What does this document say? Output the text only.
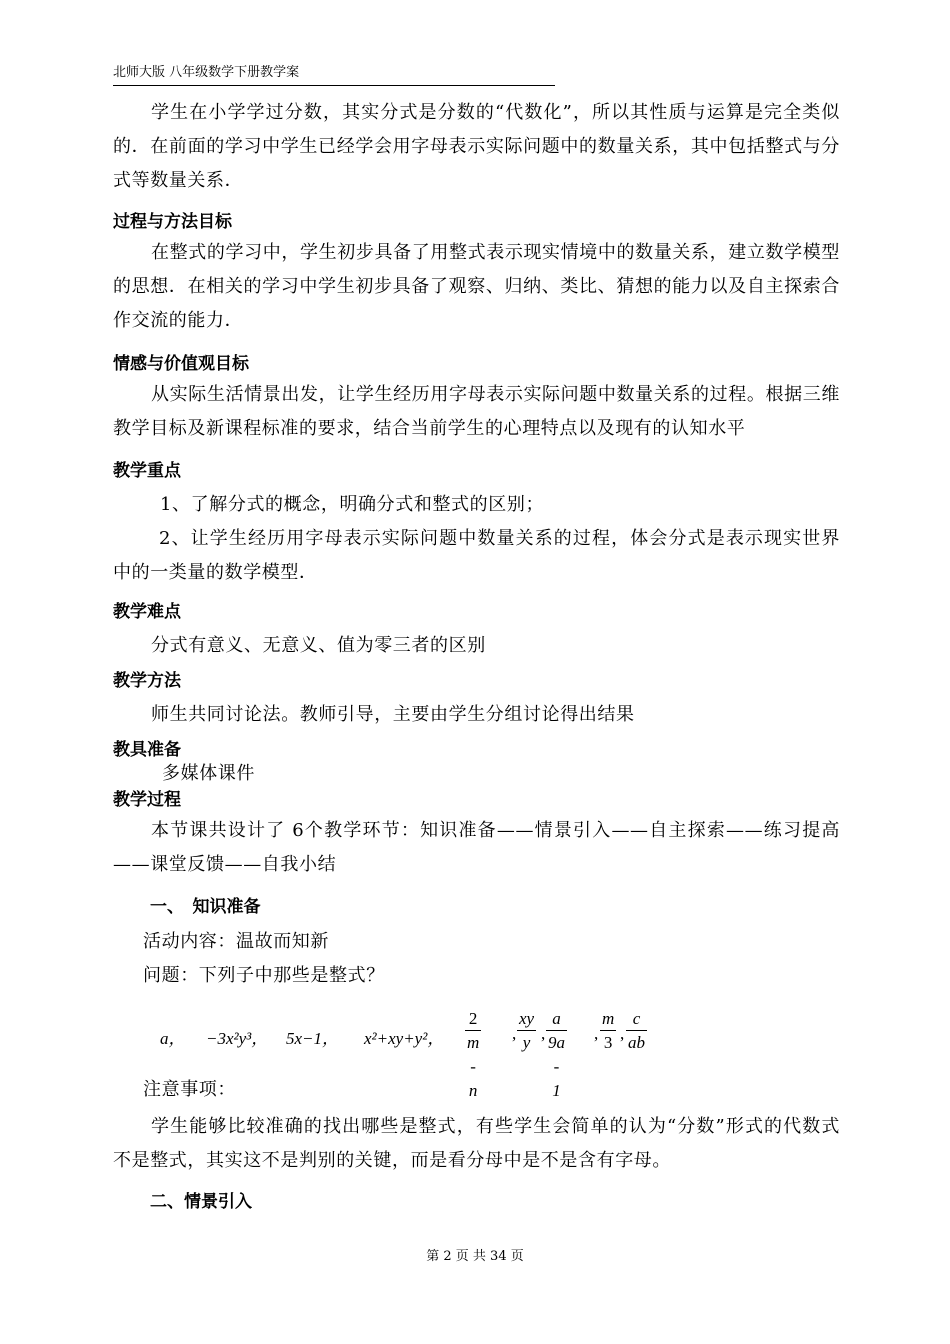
北师大版 八年级数学下册教学案
学生在小学学过分数，其实分式是分数的“代数化”，所以其性质与运算是完全类似的．在前面的学习中学生已经学会用字母表示实际问题中的数量关系，其中包括整式与分式等数量关系．
过程与方法目标
在整式的学习中，学生初步具备了用整式表示现实情境中的数量关系，建立数学模型的思想．在相关的学习中学生初步具备了观察、归纳、类比、猜想的能力以及自主探索合作交流的能力．
情感与价值观目标
从实际生活情景出发，让学生经历用字母表示实际问题中数量关系的过程。根据三维教学目标及新课程标准的要求，结合当前学生的心理特点以及现有的认知水平
教学重点
1、了解分式的概念，明确分式和整式的区别；
2、让学生经历用字母表示实际问题中数量关系的过程，体会分式是表示现实世界中的一类量的数学模型．
教学难点
分式有意义、无意义、值为零三者的区别
教学方法
师生共同讨论法。教师引导，主要由学生分组讨论得出结果
教具准备
多媒体课件
教学过程
本节课共设计了 6个教学环节：知识准备——情景引入——自主探索——练习提高——课堂反馈——自我小结
一、　知识准备
活动内容：温故而知新
问题：下列子中那些是整式？
a， −3x²y³， 5x−1， x²+xy+y²， $\frac{2}{m - n}$ , $\frac{xy}{y}$ , $\frac{a}{9a - 1}$ , $\frac{m}{3}$ , $\frac{c}{ab}$
注意事项：
学生能够比较准确的找出哪些是整式，有些学生会简单的认为“分数”形式的代数式不是整式，其实这不是判别的关键，而是看分母中是不是含有字母。
二、情景引入
第 2 页 共 34 页
